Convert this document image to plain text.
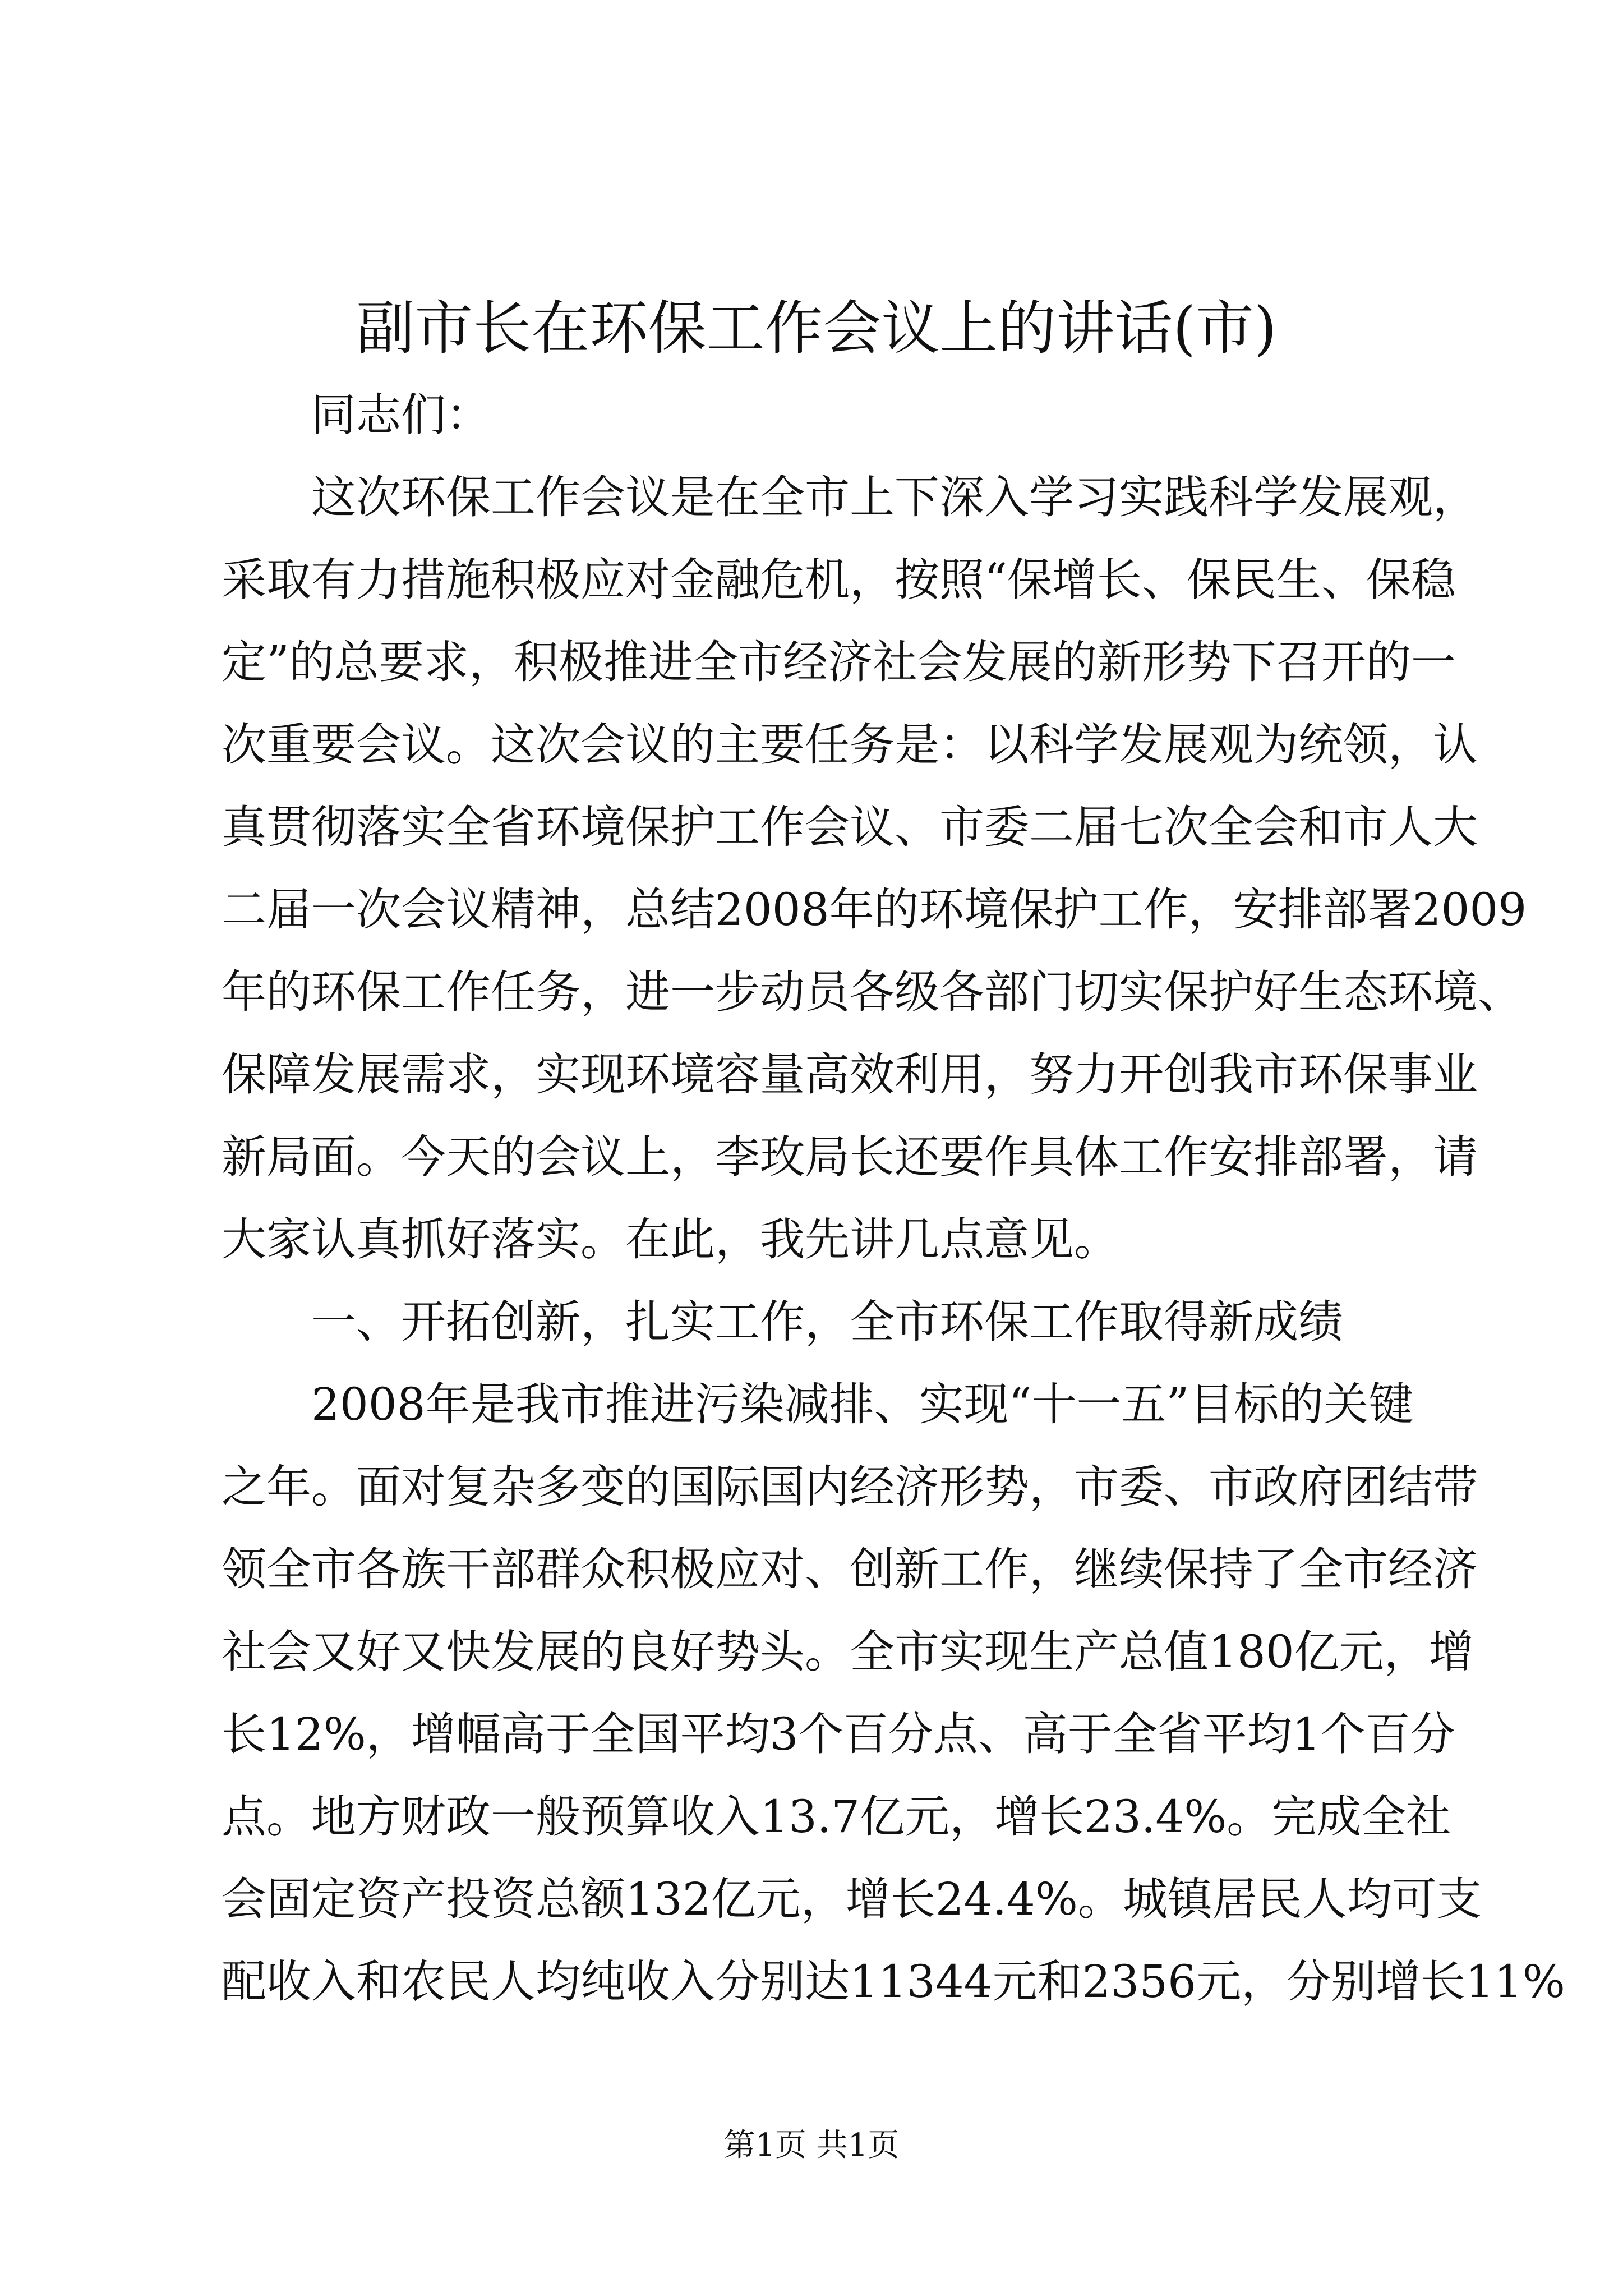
副市长在环保工作会议上的讲话(市)

同志们：

这次环保工作会议是在全市上下深入学习实践科学发展观，

采取有力措施积极应对金融危机，按照“保增长、保民生、保稳

定”的总要求，积极推进全市经济社会发展的新形势下召开的一

次重要会议。这次会议的主要任务是：以科学发展观为统领，认

真贯彻落实全省环境保护工作会议、市委二届七次全会和市人大

二届一次会议精神，总结2008年的环境保护工作，安排部署2009

年的环保工作任务，进一步动员各级各部门切实保护好生态环境、

保障发展需求，实现环境容量高效利用，努力开创我市环保事业

新局面。今天的会议上，李玫局长还要作具体工作安排部署，请

大家认真抓好落实。在此，我先讲几点意见。

一、开拓创新，扎实工作，全市环保工作取得新成绩

2008年是我市推进污染减排、实现“十一五”目标的关键

之年。面对复杂多变的国际国内经济形势，市委、市政府团结带

领全市各族干部群众积极应对、创新工作，继续保持了全市经济

社会又好又快发展的良好势头。全市实现生产总值180亿元，增

长12%，增幅高于全国平均3个百分点、高于全省平均1个百分

点。地方财政一般预算收入13.7亿元，增长23.4%。完成全社

会固定资产投资总额132亿元，增长24.4%。城镇居民人均可支

配收入和农民人均纯收入分别达11344元和2356元，分别增长11%

第1页 共1页
